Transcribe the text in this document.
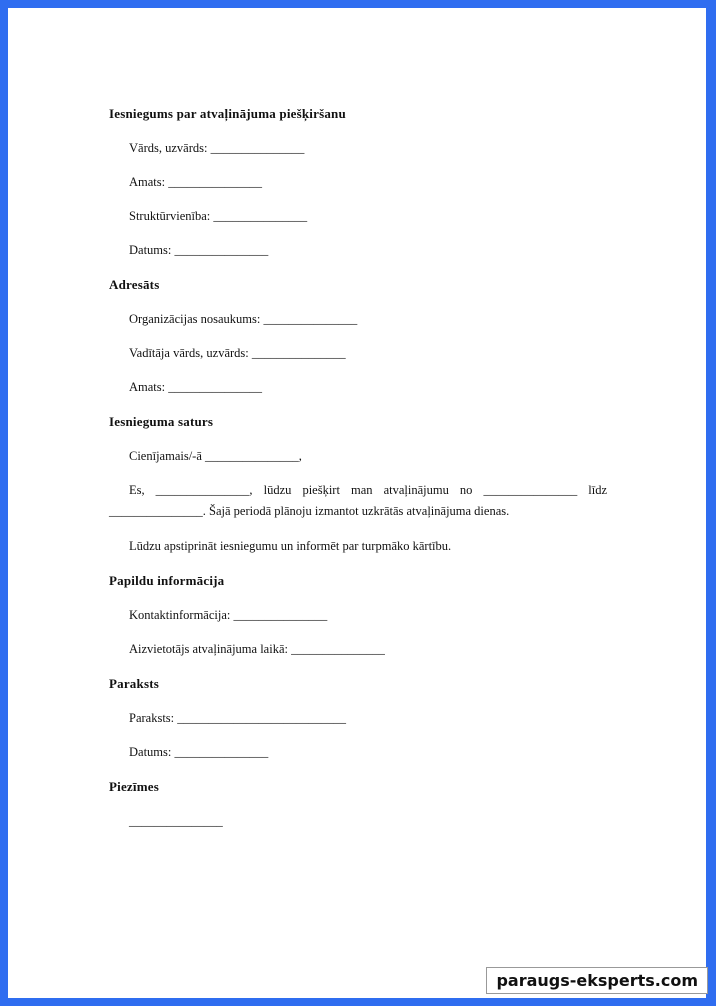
Iesniegums par atvaļinājuma piešķiršanu
Vārds, uzvārds: _______________
Amats: _______________
Struktūrvienība: _______________
Datums: _______________
Adresāts
Organizācijas nosaukums: _______________
Vadītāja vārds, uzvārds: _______________
Amats: _______________
Iesnieguma saturs
Cienījamais/-ā _______________,
Es, _______________, lūdzu piešķirt man atvaļinājumu no _______________ līdz
_______________. Šajā periodā plānoju izmantot uzkrātās atvaļinājuma dienas.
Lūdzu apstiprināt iesniegumu un informēt par turpmāko kārtību.
Papildu informācija
Kontaktinformācija: _______________
Aizvietotājs atvaļinājuma laikā: _______________
Paraksts
Paraksts: ___________________________
Datums: _______________
Piezīmes
_______________
paraugs-eksperts.com
